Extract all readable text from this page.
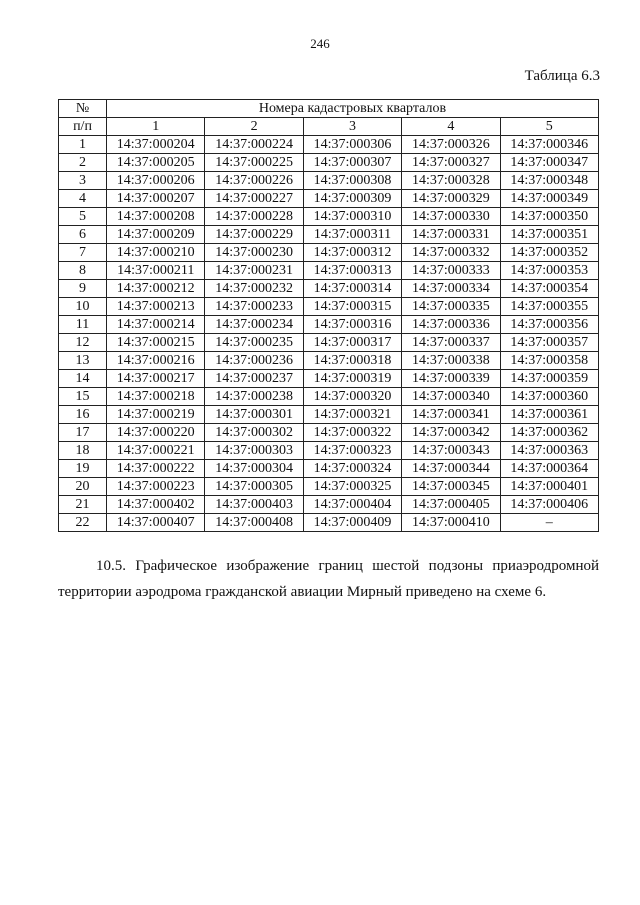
246
Таблица 6.3
№	Номера кадастровых кварталов				
п/п	1	2	3	4	5
1	14:37:000204	14:37:000224	14:37:000306	14:37:000326	14:37:000346
2	14:37:000205	14:37:000225	14:37:000307	14:37:000327	14:37:000347
3	14:37:000206	14:37:000226	14:37:000308	14:37:000328	14:37:000348
4	14:37:000207	14:37:000227	14:37:000309	14:37:000329	14:37:000349
5	14:37:000208	14:37:000228	14:37:000310	14:37:000330	14:37:000350
6	14:37:000209	14:37:000229	14:37:000311	14:37:000331	14:37:000351
7	14:37:000210	14:37:000230	14:37:000312	14:37:000332	14:37:000352
8	14:37:000211	14:37:000231	14:37:000313	14:37:000333	14:37:000353
9	14:37:000212	14:37:000232	14:37:000314	14:37:000334	14:37:000354
10	14:37:000213	14:37:000233	14:37:000315	14:37:000335	14:37:000355
11	14:37:000214	14:37:000234	14:37:000316	14:37:000336	14:37:000356
12	14:37:000215	14:37:000235	14:37:000317	14:37:000337	14:37:000357
13	14:37:000216	14:37:000236	14:37:000318	14:37:000338	14:37:000358
14	14:37:000217	14:37:000237	14:37:000319	14:37:000339	14:37:000359
15	14:37:000218	14:37:000238	14:37:000320	14:37:000340	14:37:000360
16	14:37:000219	14:37:000301	14:37:000321	14:37:000341	14:37:000361
17	14:37:000220	14:37:000302	14:37:000322	14:37:000342	14:37:000362
18	14:37:000221	14:37:000303	14:37:000323	14:37:000343	14:37:000363
19	14:37:000222	14:37:000304	14:37:000324	14:37:000344	14:37:000364
20	14:37:000223	14:37:000305	14:37:000325	14:37:000345	14:37:000401
21	14:37:000402	14:37:000403	14:37:000404	14:37:000405	14:37:000406
22	14:37:000407	14:37:000408	14:37:000409	14:37:000410	–

10.5. Графическое изображение границ шестой подзоны приаэродромной территории аэродрома гражданской авиации Мирный приведено на схеме 6.
